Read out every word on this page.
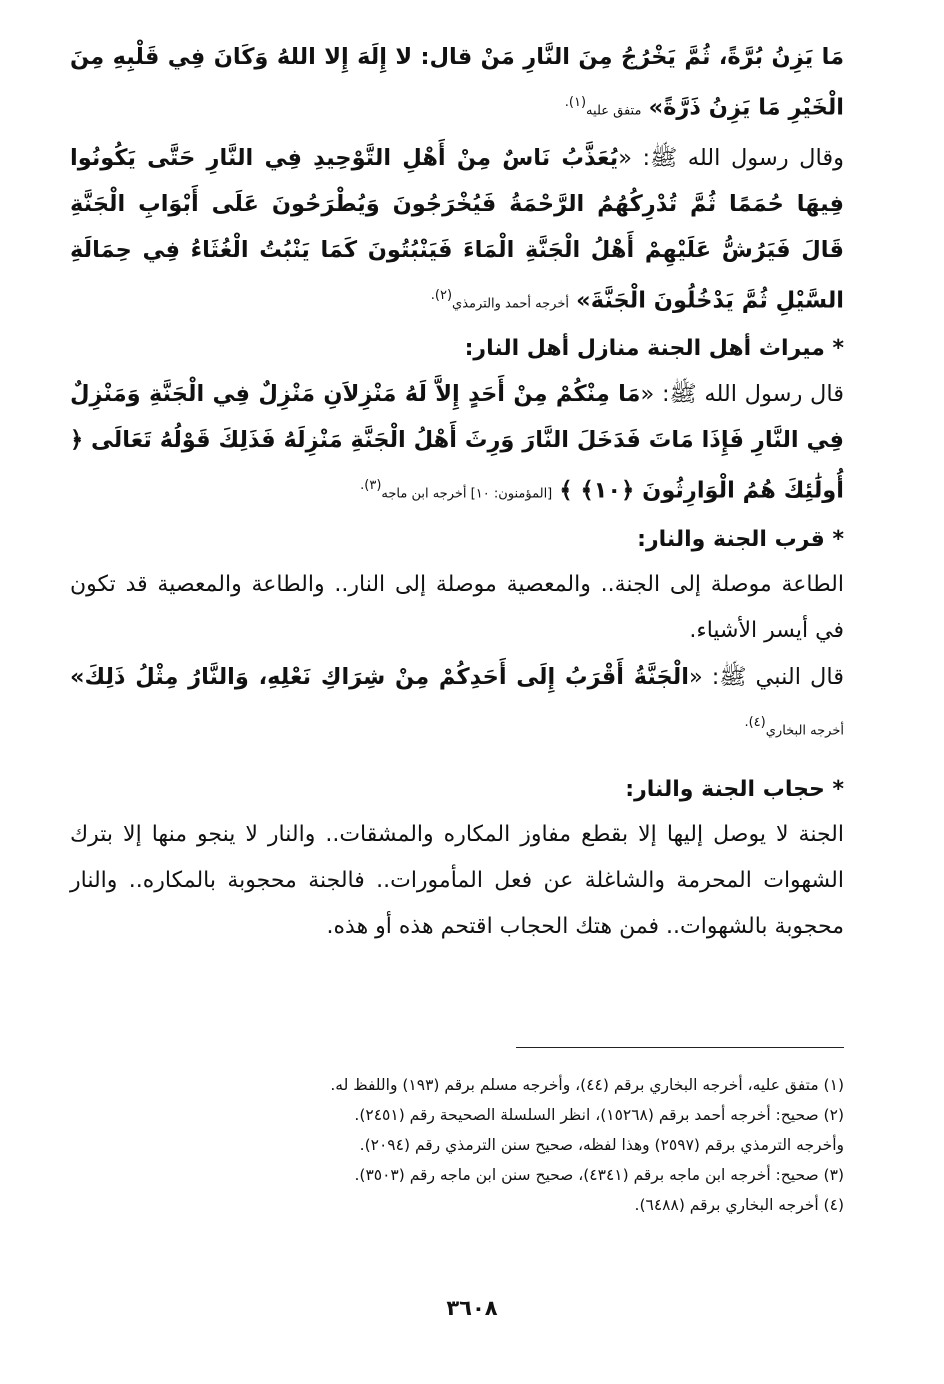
مَا يَزِنُ بُرَّةً، ثُمَّ يَخْرُجُ مِنَ النَّارِ مَنْ قال: لا إِلَهَ إِلا اللهُ وَكَانَ فِي قَلْبِهِ مِنَ الْخَيْرِ مَا يَزِنُ ذَرَّةً» متفق عليه$^{(١).}$

وقال رسول الله ﷺ: «يُعَذَّبُ نَاسٌ مِنْ أَهْلِ التَّوْحِيدِ فِي النَّارِ حَتَّى يَكُونُوا فِيهَا حُمَمًا ثُمَّ تُدْرِكُهُمُ الرَّحْمَةُ فَيُخْرَجُونَ وَيُطْرَحُونَ عَلَى أَبْوَابِ الْجَنَّةِ قَالَ فَيَرُشُّ عَلَيْهِمْ أَهْلُ الْجَنَّةِ الْمَاءَ فَيَنْبُتُونَ كَمَا يَنْبُتُ الْغُثَاءُ فِي حِمَالَةِ السَّيْلِ ثُمَّ يَدْخُلُونَ الْجَنَّةَ» أخرجه أحمد والترمذي$^{(٢).}$

* ميراث أهل الجنة منازل أهل النار:

قال رسول الله ﷺ: «مَا مِنْكُمْ مِنْ أَحَدٍ إِلاَّ لَهُ مَنْزِلاَنِ مَنْزِلٌ فِي الْجَنَّةِ وَمَنْزِلٌ فِي النَّارِ فَإِذَا مَاتَ فَدَخَلَ النَّارَ وَرِثَ أَهْلُ الْجَنَّةِ مَنْزِلَهُ فَذَلِكَ قَوْلُهُ تَعَالَى ﴿ أُولَٰئِكَ هُمُ الْوَارِثُونَ ﴿١٠﴾ ﴾ [المؤمنون: ١٠] أخرجه ابن ماجه$^{(٣).}$

* قرب الجنة والنار:

الطاعة موصلة إلى الجنة.. والمعصية موصلة إلى النار.. والطاعة والمعصية قد تكون في أيسر الأشياء.

قال النبي ﷺ: «الْجَنَّةُ أَقْرَبُ إِلَى أَحَدِكُمْ مِنْ شِرَاكِ نَعْلِهِ، وَالنَّارُ مِثْلُ ذَلِكَ» أخرجه البخاري$^{(٤).}$

* حجاب الجنة والنار:

الجنة لا يوصل إليها إلا بقطع مفاوز المكاره والمشقات.. والنار لا ينجو منها إلا بترك الشهوات المحرمة والشاغلة عن فعل المأمورات.. فالجنة محجوبة بالمكاره.. والنار محجوبة بالشهوات.. فمن هتك الحجاب اقتحم هذه أو هذه.

(١) متفق عليه، أخرجه البخاري برقم (٤٤)، وأخرجه مسلم برقم (١٩٣) واللفظ له.

(٢) صحيح: أخرجه أحمد برقم (١٥٢٦٨)، انظر السلسلة الصحيحة رقم (٢٤٥١).

وأخرجه الترمذي برقم (٢٥٩٧) وهذا لفظه، صحيح سنن الترمذي رقم (٢٠٩٤).

(٣) صحيح: أخرجه ابن ماجه برقم (٤٣٤١)، صحيح سنن ابن ماجه رقم (٣٥٠٣).

(٤) أخرجه البخاري برقم (٦٤٨٨).

٣٦٠٨
